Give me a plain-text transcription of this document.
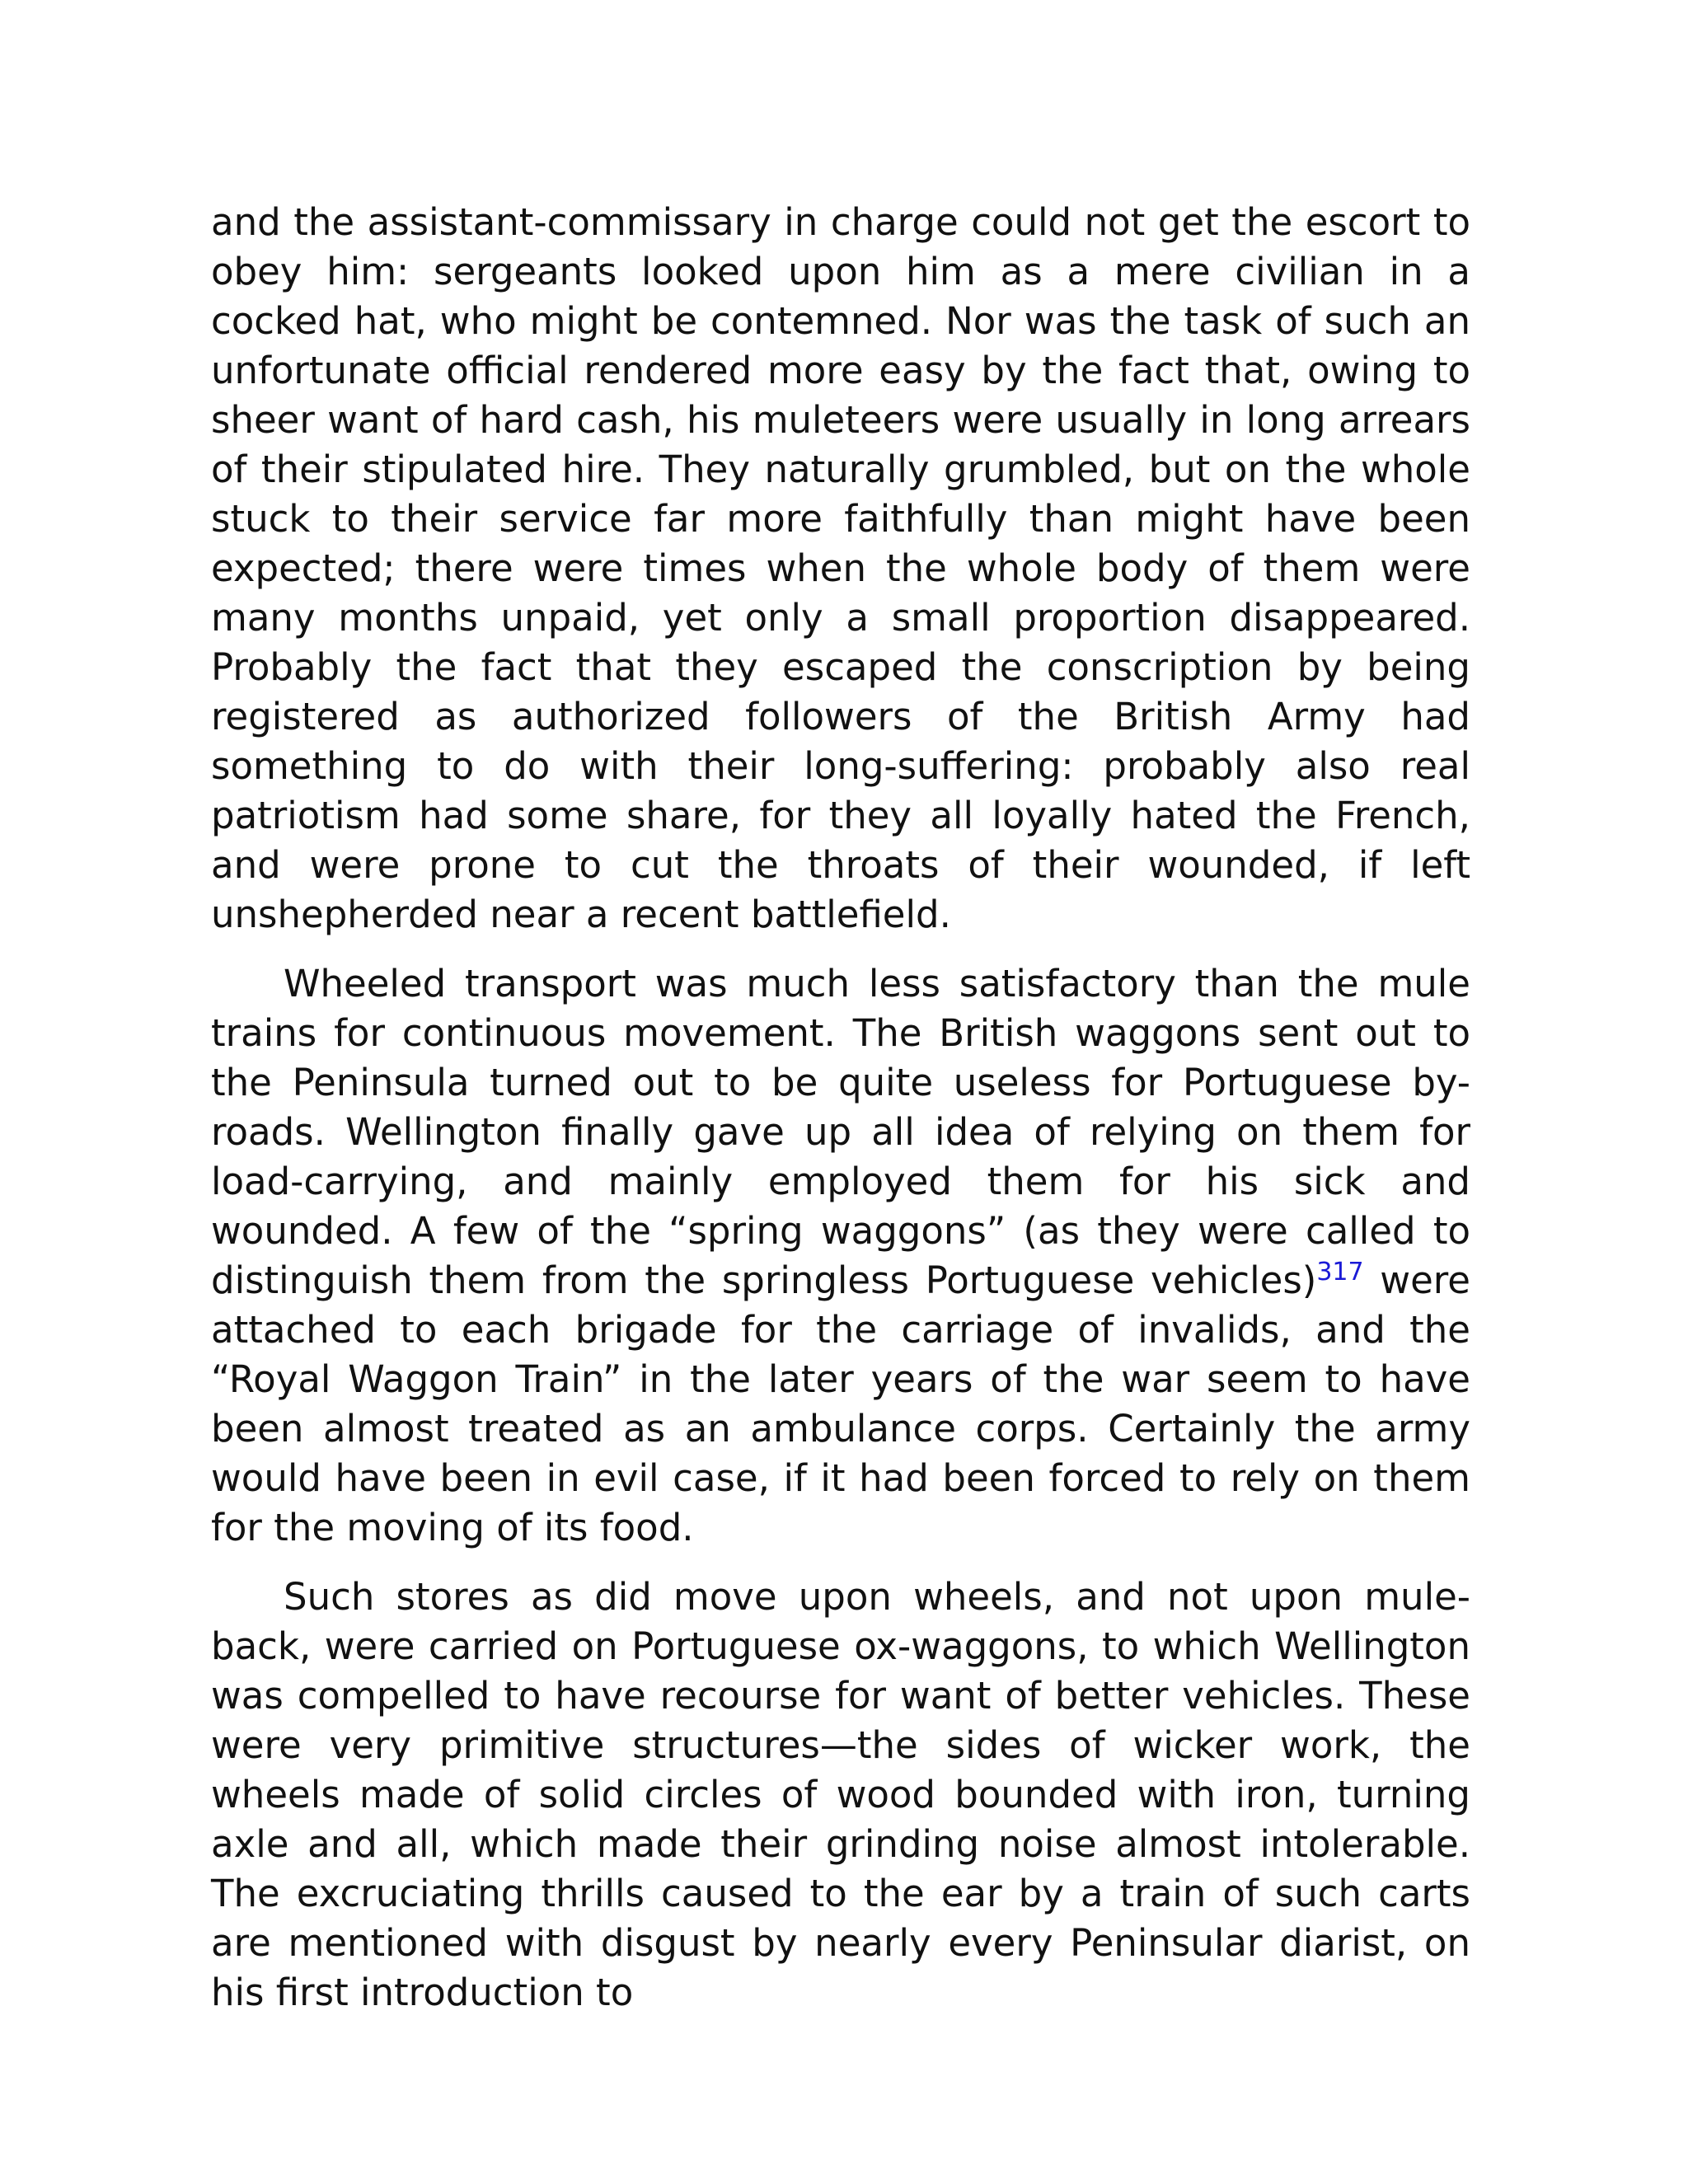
and the assistant-commissary in charge could not get the escort to obey him: sergeants looked upon him as a mere civilian in a cocked hat, who might be contemned. Nor was the task of such an unfortunate official rendered more easy by the fact that, owing to sheer want of hard cash, his muleteers were usually in long arrears of their stipulated hire. They naturally grumbled, but on the whole stuck to their service far more faithfully than might have been expected; there were times when the whole body of them were many months unpaid, yet only a small proportion disappeared. Probably the fact that they escaped the conscription by being registered as authorized followers of the British Army had something to do with their long-suffering: probably also real patriotism had some share, for they all loyally hated the French, and were prone to cut the throats of their wounded, if left unshepherded near a recent battlefield.

Wheeled transport was much less satisfactory than the mule trains for continuous movement. The British waggons sent out to the Peninsula turned out to be quite useless for Portuguese by-roads. Wellington finally gave up all idea of relying on them for load-carrying, and mainly employed them for his sick and wounded. A few of the “spring waggons” (as they were called to distinguish them from the springless Portuguese vehicles)$^{317}$ were attached to each brigade for the carriage of invalids, and the “Royal Waggon Train” in the later years of the war seem to have been almost treated as an ambulance corps. Certainly the army would have been in evil case, if it had been forced to rely on them for the moving of its food.

Such stores as did move upon wheels, and not upon mule-back, were carried on Portuguese ox-waggons, to which Wellington was compelled to have recourse for want of better vehicles. These were very primitive structures—the sides of wicker work, the wheels made of solid circles of wood bounded with iron, turning axle and all, which made their grinding noise almost intolerable. The excruciating thrills caused to the ear by a train of such carts are mentioned with disgust by nearly every Peninsular diarist, on his first introduction to
